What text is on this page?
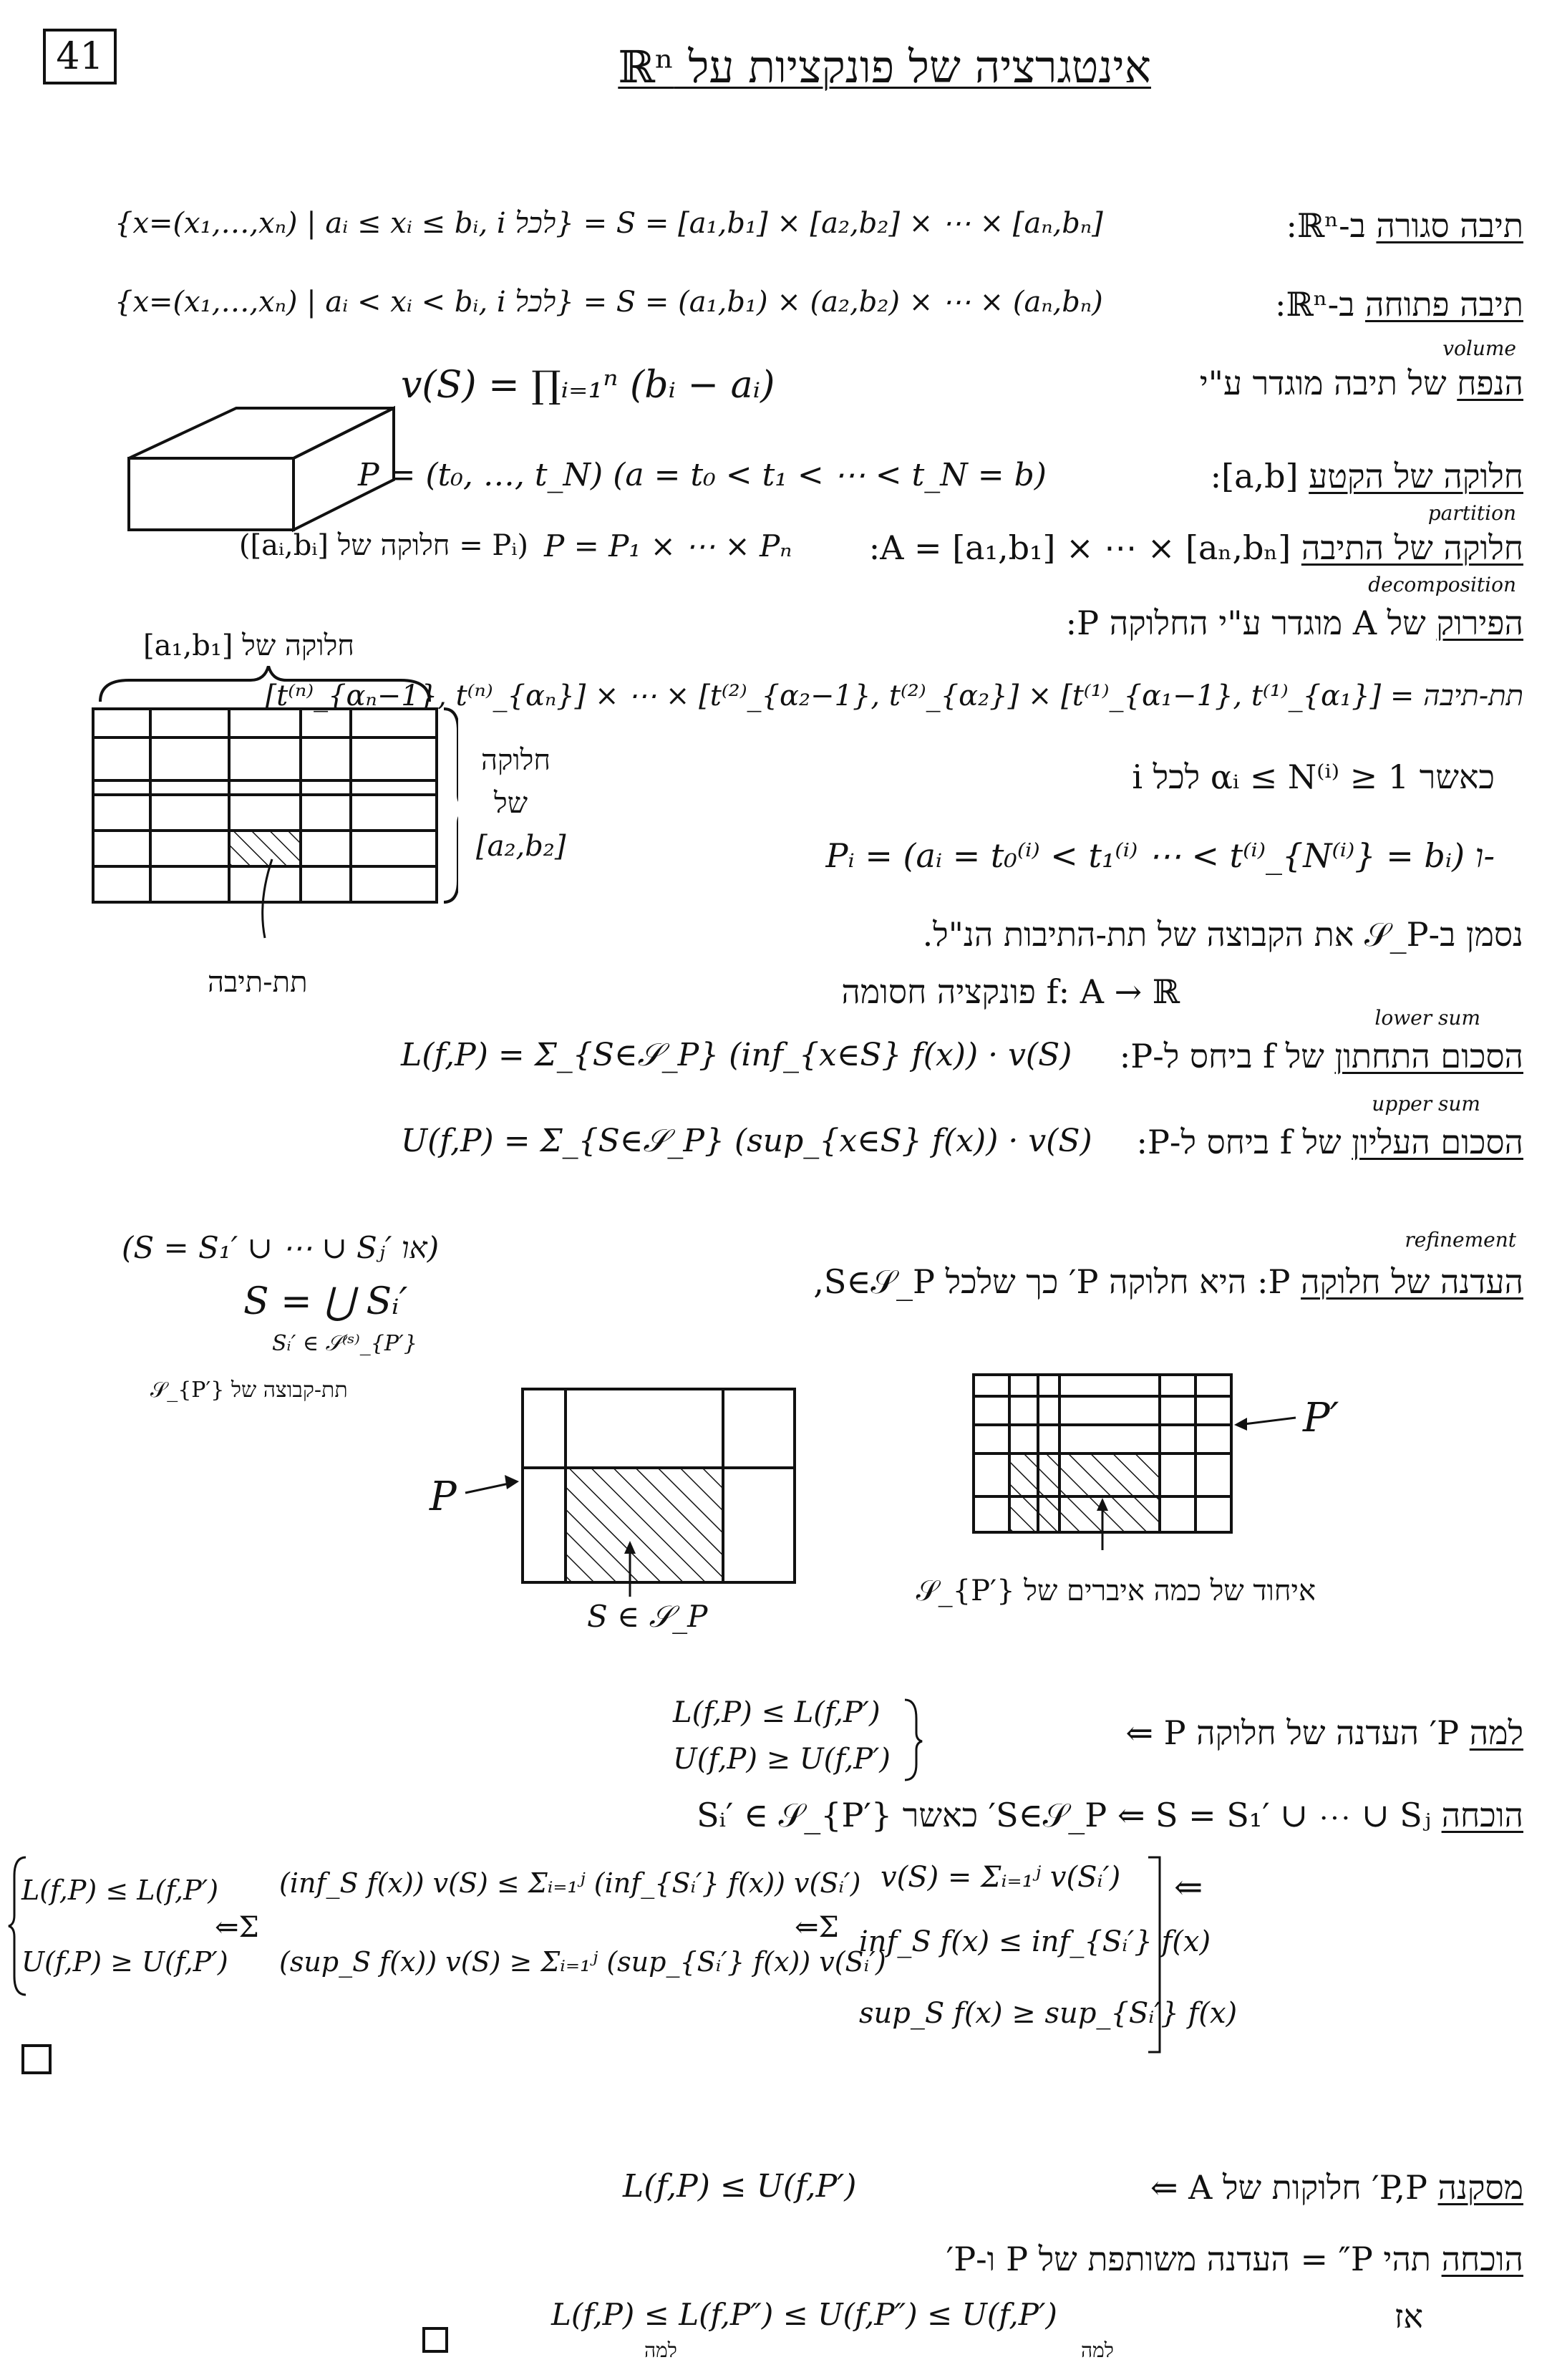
41	אינטגרציה של פונקציות על ℝⁿ
תיבה סגורה ב-ℝⁿ:
{x=(x₁,…,xₙ) | aᵢ ≤ xᵢ ≤ bᵢ, i לכל} = S = [a₁,b₁] × [a₂,b₂] × ⋯ × [aₙ,bₙ]
תיבה פתוחה ב-ℝⁿ:
{x=(x₁,…,xₙ) | aᵢ < xᵢ < bᵢ, i לכל} = S = (a₁,b₁) × (a₂,b₂) × ⋯ × (aₙ,bₙ)
volume
הנפח של תיבה מוגדר ע"י
v(S) = ∏ᵢ₌₁ⁿ (bᵢ − aᵢ)
partition
חלוקה של הקטע [a,b]:
P = (t₀, …, t_N) (a = t₀ < t₁ < ⋯ < t_N = b)
חלוקה של התיבה A = [a₁,b₁] × ⋯ × [aₙ,bₙ]:
P = P₁ × ⋯ × Pₙ
(Pᵢ = חלוקה של [aᵢ,bᵢ])
decomposition
הפירוק של A מוגדר ע"י החלוקה P:
תת-תיבה = [t⁽¹⁾_{α₁−1}, t⁽¹⁾_{α₁}] × [t⁽²⁾_{α₂−1}, t⁽²⁾_{α₂}] × ⋯ × [t⁽ⁿ⁾_{αₙ−1}, t⁽ⁿ⁾_{αₙ}]
כאשר 1 ≤ αᵢ ≤ N⁽ⁱ⁾ לכל i
-ו Pᵢ = (aᵢ = t₀⁽ⁱ⁾ < t₁⁽ⁱ⁾ ⋯ < t⁽ⁱ⁾_{N⁽ⁱ⁾} = bᵢ)
נסמן ב-𝒮_P את הקבוצה של תת-התיבות הנ"ל.
f: A → ℝ פונקציה חסומה
חלוקה של [a₁,b₁]
תת-תיבה
חלוקה
של
[a₂,b₂]
lower sum
הסכום התחתון של f ביחס ל-P:
L(f,P) = Σ_{S∈𝒮_P} (inf_{x∈S} f(x)) · v(S)
upper sum
הסכום העליון של f ביחס ל-P:
U(f,P) = Σ_{S∈𝒮_P} (sup_{x∈S} f(x)) · v(S)
refinement
העדנה של חלוקה P: היא חלוקה P′ כך שלכל S∈𝒮_P,
(S = S₁′ ∪ ⋯ ∪ Sⱼ′ או)
S = ⋃ Sᵢ′
Sᵢ′ ∈ 𝒮⁽ˢ⁾_{P′}
תת-קבוצה של 𝒮_{P′}
P
S ∈ 𝒮_P
P′
איחוד של כמה איברים של 𝒮_{P′}
למה P′ העדנה של חלוקה P ⇐
L(f,P) ≤ L(f,P′)
U(f,P) ≥ U(f,P′)
הוכחה S∈𝒮_P ⇐ S = S₁′ ∪ ⋯ ∪ Sⱼ′ כאשר Sᵢ′ ∈ 𝒮_{P′}
v(S) = Σᵢ₌₁ʲ v(Sᵢ′)
inf_S f(x) ≤ inf_{Sᵢ′} f(x)
sup_S f(x) ≥ sup_{Sᵢ′} f(x)
⇐
(inf_S f(x)) v(S) ≤ Σᵢ₌₁ʲ (inf_{Sᵢ′} f(x)) v(Sᵢ′)
(sup_S f(x)) v(S) ≥ Σᵢ₌₁ʲ (sup_{Sᵢ′} f(x)) v(Sᵢ′)
⇐Σ
L(f,P) ≤ L(f,P′)
U(f,P) ≥ U(f,P′)
⇐Σ
מסקנה P,P′ חלוקות של A ⇐
L(f,P) ≤ U(f,P′)
הוכחה תהי P″ = העדנה משותפת של P ו-P′
אז
L(f,P) ≤ L(f,P″) ≤ U(f,P″) ≤ U(f,P′)
למה	למה
